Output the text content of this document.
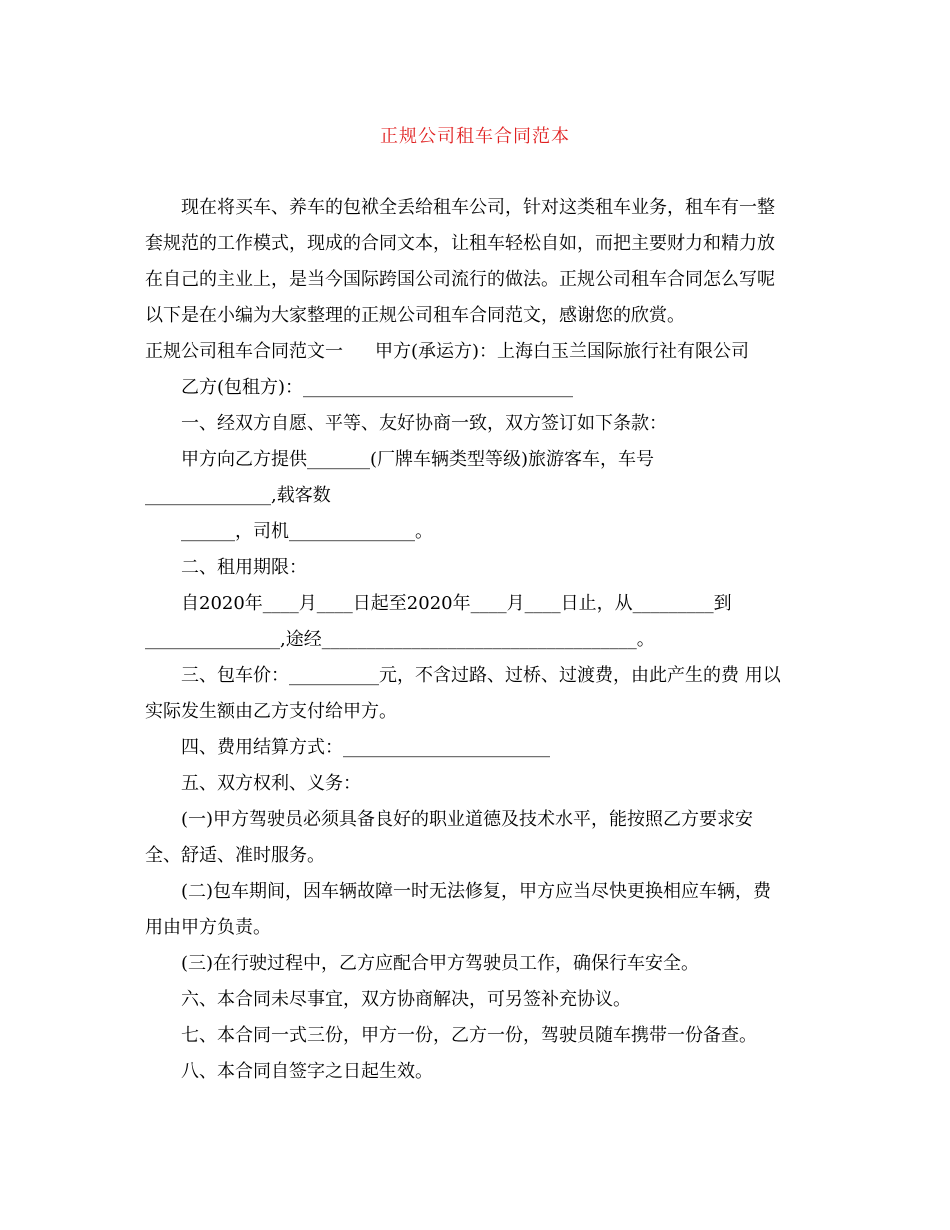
正规公司租车合同范本
现在将买车、养车的包袱全丢给租车公司，针对这类租车业务，租车有一整
套规范的工作模式，现成的合同文本，让租车轻松自如，而把主要财力和精力放
在自己的主业上，是当今国际跨国公司流行的做法。正规公司租车合同怎么写呢
以下是在小编为大家整理的正规公司租车合同范文，感谢您的欣赏。
正规公司租车合同范文一 甲方(承运方)：上海白玉兰国际旅行社有限公司
乙方(包租方)：______________________________
一、经双方自愿、平等、友好协商一致，双方签订如下条款：
甲方向乙方提供_______(厂牌车辆类型等级)旅游客车，车号
______________,载客数
______，司机______________。
二、租用期限：
自2020年____月____日起至2020年____月____日止，从_________到
_______________,途经___________________________________。
三、包车价：__________元，不含过路、过桥、过渡费，由此产生的费 用以
实际发生额由乙方支付给甲方。
四、费用结算方式：_______________________
五、双方权利、义务：
(一)甲方驾驶员必须具备良好的职业道德及技术水平，能按照乙方要求安
全、舒适、准时服务。
(二)包车期间，因车辆故障一时无法修复，甲方应当尽快更换相应车辆，费
用由甲方负责。
(三)在行驶过程中，乙方应配合甲方驾驶员工作，确保行车安全。
六、本合同未尽事宜，双方协商解决，可另签补充协议。
七、本合同一式三份，甲方一份，乙方一份，驾驶员随车携带一份备查。
八、本合同自签字之日起生效。
